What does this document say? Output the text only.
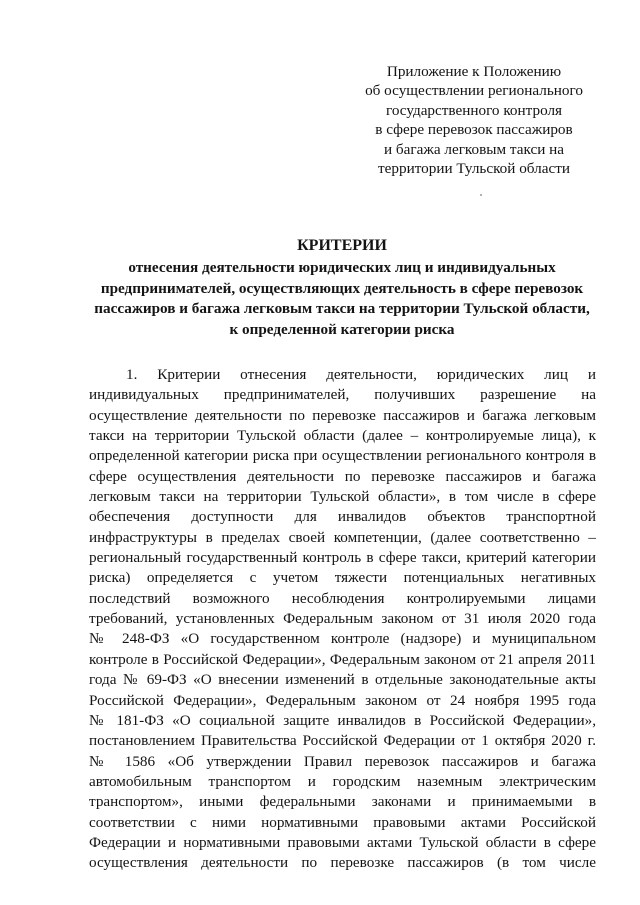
Приложение к Положению
об осуществлении регионального
государственного контроля
в сфере перевозок пассажиров
и багажа легковым такси на
территории Тульской области
КРИТЕРИИ
отнесения деятельности юридических лиц и индивидуальных
предпринимателей, осуществляющих деятельность в сфере перевозок
пассажиров и багажа легковым такси на территории Тульской области,
к определенной категории риска
1. Критерии отнесения деятельности, юридических лиц и
индивидуальных предпринимателей, получивших разрешение на
осуществление деятельности по перевозке пассажиров и багажа легковым
такси на территории Тульской области (далее – контролируемые лица), к
определенной категории риска при осуществлении регионального контроля в
сфере осуществления деятельности по перевозке пассажиров и багажа
легковым такси на территории Тульской области», в том числе в сфере
обеспечения доступности для инвалидов объектов транспортной
инфраструктуры в пределах своей компетенции, (далее соответственно –
региональный государственный контроль в сфере такси, критерий категории
риска) определяется с учетом тяжести потенциальных негативных
последствий возможного несоблюдения контролируемыми лицами
требований, установленных Федеральным законом от 31 июля 2020 года
№ 248-ФЗ «О государственном контроле (надзоре) и муниципальном
контроле в Российской Федерации», Федеральным законом от 21 апреля 2011
года № 69-ФЗ «О внесении изменений в отдельные законодательные акты
Российской Федерации», Федеральным законом от 24 ноября 1995 года
№ 181-ФЗ «О социальной защите инвалидов в Российской Федерации»,
постановлением Правительства Российской Федерации от 1 октября 2020 г.
№ 1586 «Об утверждении Правил перевозок пассажиров и багажа
автомобильным транспортом и городским наземным электрическим
транспортом», иными федеральными законами и принимаемыми в
соответствии с ними нормативными правовыми актами Российской
Федерации и нормативными правовыми актами Тульской области в сфере
осуществления деятельности по перевозке пассажиров (в том числе
